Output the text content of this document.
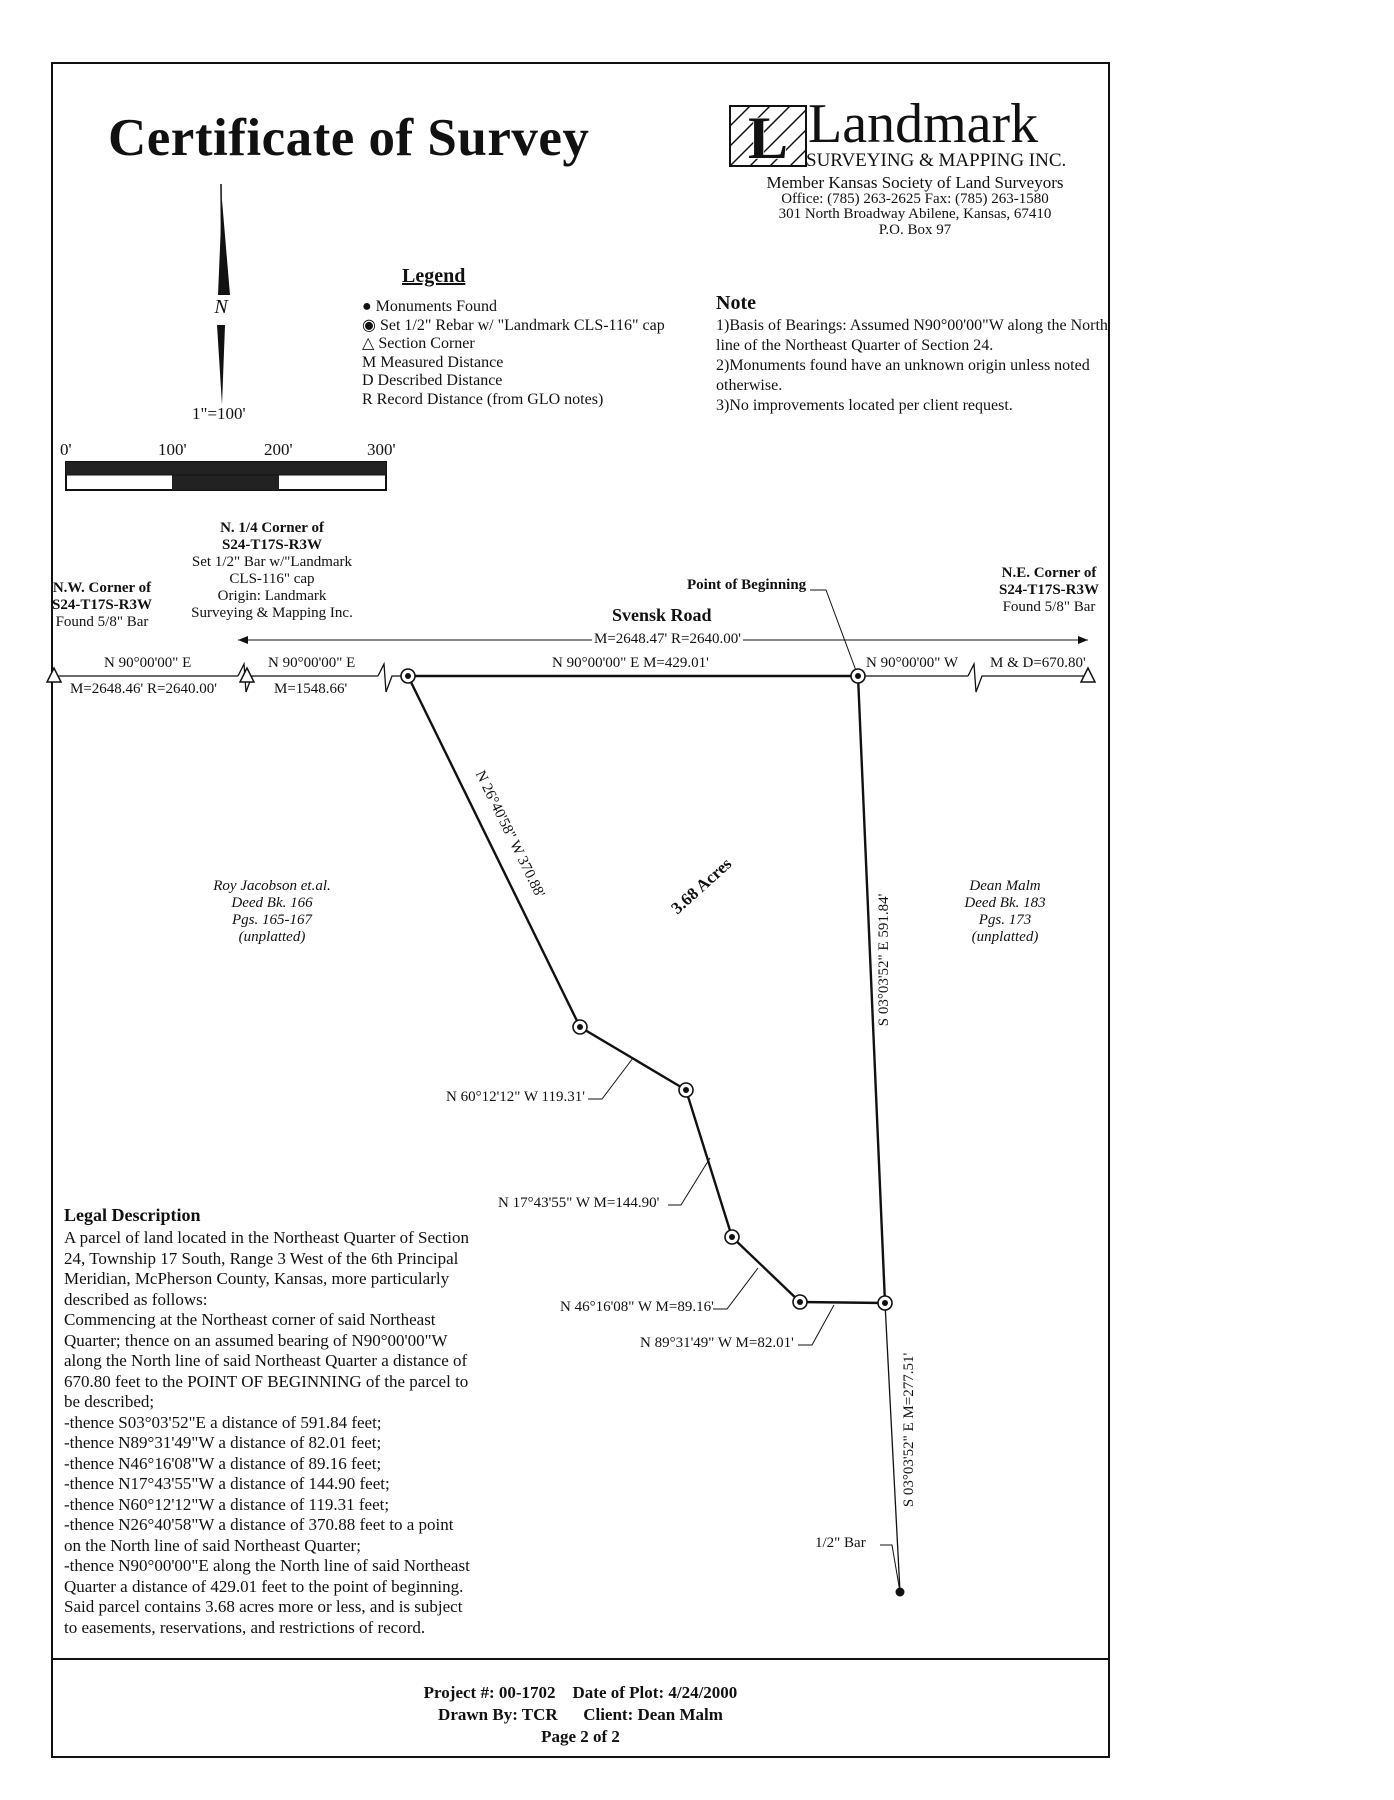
Certificate of Survey	L Landmark
SURVEYING & MAPPING INC.
Member Kansas Society of Land Surveyors
Office: (785) 263-2625 Fax: (785) 263-1580
301 North Broadway Abilene, Kansas, 67410
P.O. Box 97
N
1"=100'
0'	100'	200'	300'
Legend
● Monuments Found
◉ Set 1/2" Rebar w/ "Landmark CLS-116" cap
△ Section Corner
M Measured Distance
D Described Distance
R Record Distance (from GLO notes)
Note
1)Basis of Bearings: Assumed N90°00'00"W along the North line of the Northeast Quarter of Section 24.
2)Monuments found have an unknown origin unless noted otherwise.
3)No improvements located per client request.
N 26°40'58" W 370.88'
S 03°03'52" E 591.84'
S 03°03'52" E M=277.51'
3.68 Acres
N.W. Corner of
S24-T17S-R3W
Found 5/8" Bar
N. 1/4 Corner of
S24-T17S-R3W
Set 1/2" Bar w/"Landmark
CLS-116" cap
Origin: Landmark
Surveying & Mapping Inc.
N.E. Corner of
S24-T17S-R3W
Found 5/8" Bar
Point of Beginning
Svensk Road
M=2648.47' R=2640.00'
N 90°00'00" E
M=2648.46' R=2640.00'
N 90°00'00" E
M=1548.66'
N 90°00'00" E M=429.01'	N 90°00'00" W M & D=670.80'
N 60°12'12" W 119.31'
N 17°43'55" W M=144.90'
N 46°16'08" W M=89.16'
N 89°31'49" W M=82.01'
1/2" Bar
Roy Jacobson et.al.
Deed Bk. 166
Pgs. 165-167
(unplatted)
Dean Malm
Deed Bk. 183
Pgs. 173
(unplatted)
Legal Description
A parcel of land located in the Northeast Quarter of Section
24, Township 17 South, Range 3 West of the 6th Principal
Meridian, McPherson County, Kansas, more particularly
described as follows:
Commencing at the Northeast corner of said Northeast
Quarter; thence on an assumed bearing of N90°00'00"W
along the North line of said Northeast Quarter a distance of
670.80 feet to the POINT OF BEGINNING of the parcel to
be described;
-thence S03°03'52"E a distance of 591.84 feet;
-thence N89°31'49"W a distance of 82.01 feet;
-thence N46°16'08"W a distance of 89.16 feet;
-thence N17°43'55"W a distance of 144.90 feet;
-thence N60°12'12"W a distance of 119.31 feet;
-thence N26°40'58"W a distance of 370.88 feet to a point
on the North line of said Northeast Quarter;
-thence N90°00'00"E along the North line of said Northeast
Quarter a distance of 429.01 feet to the point of beginning.
Said parcel contains 3.68 acres more or less, and is subject
to easements, reservations, and restrictions of record.
Project #: 00-1702 Date of Plot: 4/24/2000
Drawn By: TCR Client: Dean Malm
Page 2 of 2
